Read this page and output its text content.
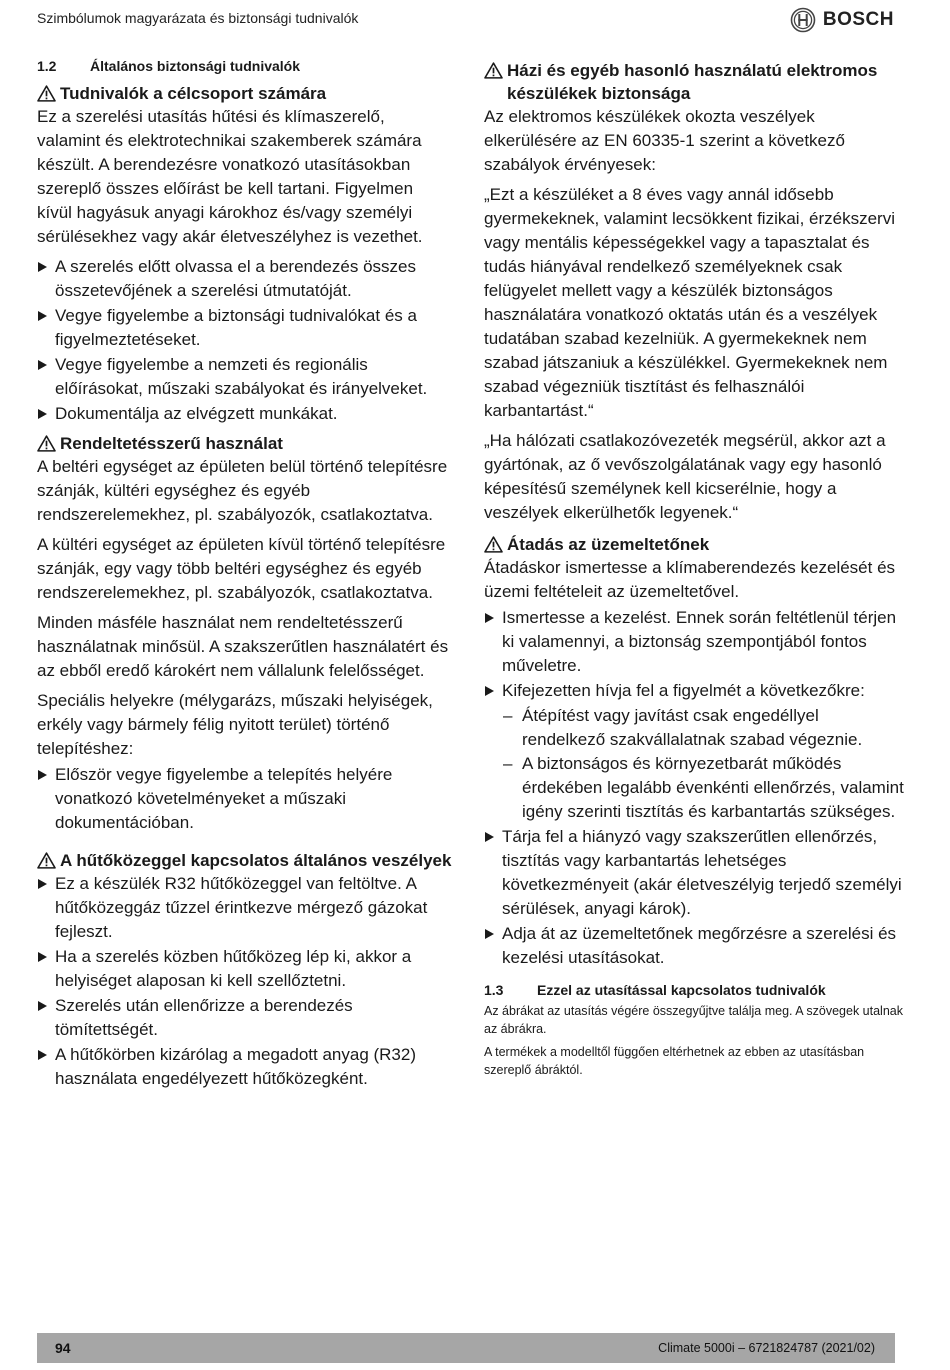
Szimbólumok magyarázata és biztonsági tudnivalók	BOSCH
1.2	Általános biztonsági tudnivalók
Tudnivalók a célcsoport számára

Ez a szerelési utasítás hűtési és klímaszerelő, valamint és elektrotechnikai szakemberek számára készült. A berendezésre vonatkozó utasításokban szereplő összes előírást be kell tartani. Figyelmen kívül hagyásuk anyagi károkhoz és/vagy személyi sérülésekhez vagy akár életveszélyhez is vezethet.

A szerelés előtt olvassa el a berendezés összes összetevőjének a szerelési útmutatóját.
Vegye figyelembe a biztonsági tudnivalókat és a figyelmeztetéseket.
Vegye figyelembe a nemzeti és regionális előírásokat, műszaki szabályokat és irányelveket.
Dokumentálja az elvégzett munkákat.
Rendeltetésszerű használat

A beltéri egységet az épületen belül történő telepítésre szánják, kültéri egységhez és egyéb rendszerelemekhez, pl. szabályozók, csatlakoztatva.

A kültéri egységet az épületen kívül történő telepítésre szánják, egy vagy több beltéri egységhez és egyéb rendszerelemekhez, pl. szabályozók, csatlakoztatva.

Minden másféle használat nem rendeltetésszerű használatnak minősül. A szakszerűtlen használatért és az ebből eredő károkért nem vállalunk felelősséget.

Speciális helyekre (mélygarázs, műszaki helyiségek, erkély vagy bármely félig nyitott terület) történő telepítéshez:

Először vegye figyelembe a telepítés helyére vonatkozó követelményeket a műszaki dokumentációban.
A hűtőközeggel kapcsolatos általános veszélyek
Ez a készülék R32 hűtőközeggel van feltöltve. A hűtőközeggáz tűzzel érintkezve mérgező gázokat fejleszt.
Ha a szerelés közben hűtőközeg lép ki, akkor a helyiséget alaposan ki kell szellőztetni.
Szerelés után ellenőrizze a berendezés tömítettségét.
A hűtőkörben kizárólag a megadott anyag (R32) használata engedélyezett hűtőközegként.
Házi és egyéb hasonló használatú elektromos készülékek biztonsága

Az elektromos készülékek okozta veszélyek elkerülésére az EN 60335-1 szerint a következő szabályok érvényesek:

„Ezt a készüléket a 8 éves vagy annál idősebb gyermekeknek, valamint lecsökkent fizikai, érzékszervi vagy mentális képességekkel vagy a tapasztalat és tudás hiányával rendelkező személyeknek csak felügyelet mellett vagy a készülék biztonságos használatára vonatkozó oktatás után és a veszélyek tudatában szabad kezelniük. A gyermekeknek nem szabad játszaniuk a készülékkel. Gyermekeknek nem szabad végezniük tisztítást és felhasználói karbantartást.“

„Ha hálózati csatlakozóvezeték megsérül, akkor azt a gyártónak, az ő vevőszolgálatának vagy egy hasonló képesítésű személynek kell kicserélnie, hogy a veszélyek elkerülhetők legyenek.“

Átadás az üzemeltetőnek

Átadáskor ismertesse a klímaberendezés kezelését és üzemi feltételeit az üzemeltetővel.

Ismertesse a kezelést. Ennek során feltétlenül térjen ki valamennyi, a biztonság szempontjából fontos műveletre.
Kifejezetten hívja fel a figyelmét a következőkre:
– Átépítést vagy javítást csak engedéllyel rendelkező szakvállalatnak szabad végeznie.
– A biztonságos és környezetbarát működés érdekében legalább évenkénti ellenőrzés, valamint igény szerinti tisztítás és karbantartás szükséges.
Tárja fel a hiányzó vagy szakszerűtlen ellenőrzés, tisztítás vagy karbantartás lehetséges következményeit (akár életveszélyig terjedő személyi sérülések, anyagi károk).
Adja át az üzemeltetőnek megőrzésre a szerelési és kezelési utasításokat.
1.3	Ezzel az utasítással kapcsolatos tudnivalók

Az ábrákat az utasítás végére összegyűjtve találja meg. A szövegek utalnak az ábrákra.

A termékek a modelltől függően eltérhetnek az ebben az utasításban szereplő ábráktól.

94	Climate 5000i – 6721824787 (2021/02)
